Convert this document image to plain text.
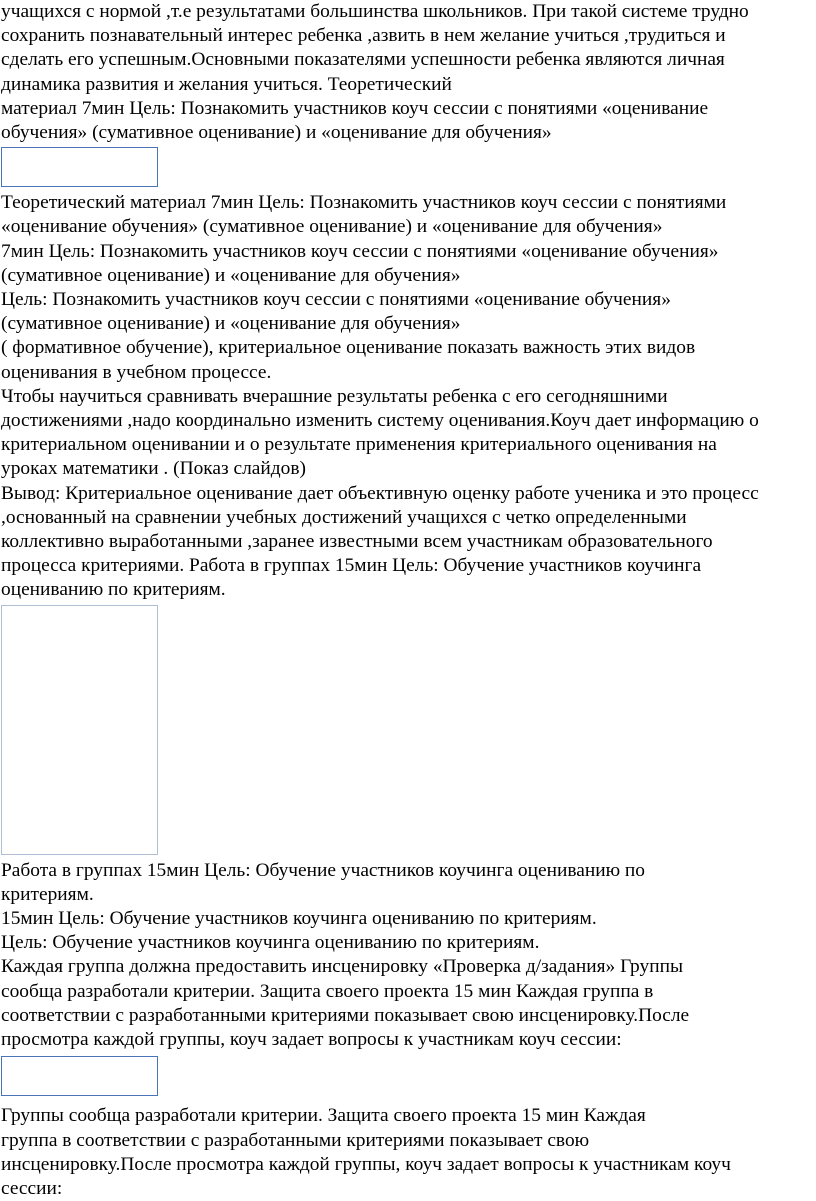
учащихся с нормой ,т.е результатами большинства школьников. При такой системе трудно

сохранить познавательный интерес ребенка ,азвить в нем желание учиться ,трудиться и

сделать его успешным.Основными показателями успешности ребенка являются личная

динамика развития и желания учиться. Теоретический

материал 7мин Цель: Познакомить участников коуч сессии с понятиями «оценивание

обучения» (сумативное оценивание) и «оценивание для обучения»

Теоретический материал 7мин Цель: Познакомить участников коуч сессии с понятиями

«оценивание обучения» (сумативное оценивание) и «оценивание для обучения»

7мин Цель: Познакомить участников коуч сессии с понятиями «оценивание обучения»

(сумативное оценивание) и «оценивание для обучения»

Цель: Познакомить участников коуч сессии с понятиями «оценивание обучения»

(сумативное оценивание) и «оценивание для обучения»

( формативное обучение), критериальное оценивание показать важность этих видов

оценивания в учебном процессе.

Чтобы научиться сравнивать вчерашние результаты ребенка с его сегодняшними

достижениями ,надо координально изменить систему оценивания.Коуч дает информацию о

критериальном оценивании и о результате применения критериального оценивания на

уроках математики . (Показ слайдов)

Вывод: Критериальное оценивание дает объективную оценку работе ученика и это процесс

,основанный на сравнении учебных достижений учащихся с четко определенными

коллективно выработанными ,заранее известными всем участникам образовательного

процесса критериями. Работа в группах 15мин Цель: Обучение участников коучинга

оцениванию по критериям.

Работа в группах 15мин Цель: Обучение участников коучинга оцениванию по

критериям.

15мин Цель: Обучение участников коучинга оцениванию по критериям.

Цель: Обучение участников коучинга оцениванию по критериям.

Каждая группа должна предоставить инсценировку «Проверка д/задания» Группы

сообща разработали критерии. Защита своего проекта 15 мин Каждая группа в

соответствии с разработанными критериями показывает свою инсценировку.После

просмотра каждой группы, коуч задает вопросы к участникам коуч сессии:

Группы сообща разработали критерии. Защита своего проекта 15 мин Каждая

группа в соответствии с разработанными критериями показывает свою

инсценировку.После просмотра каждой группы, коуч задает вопросы к участникам коуч

сессии:
